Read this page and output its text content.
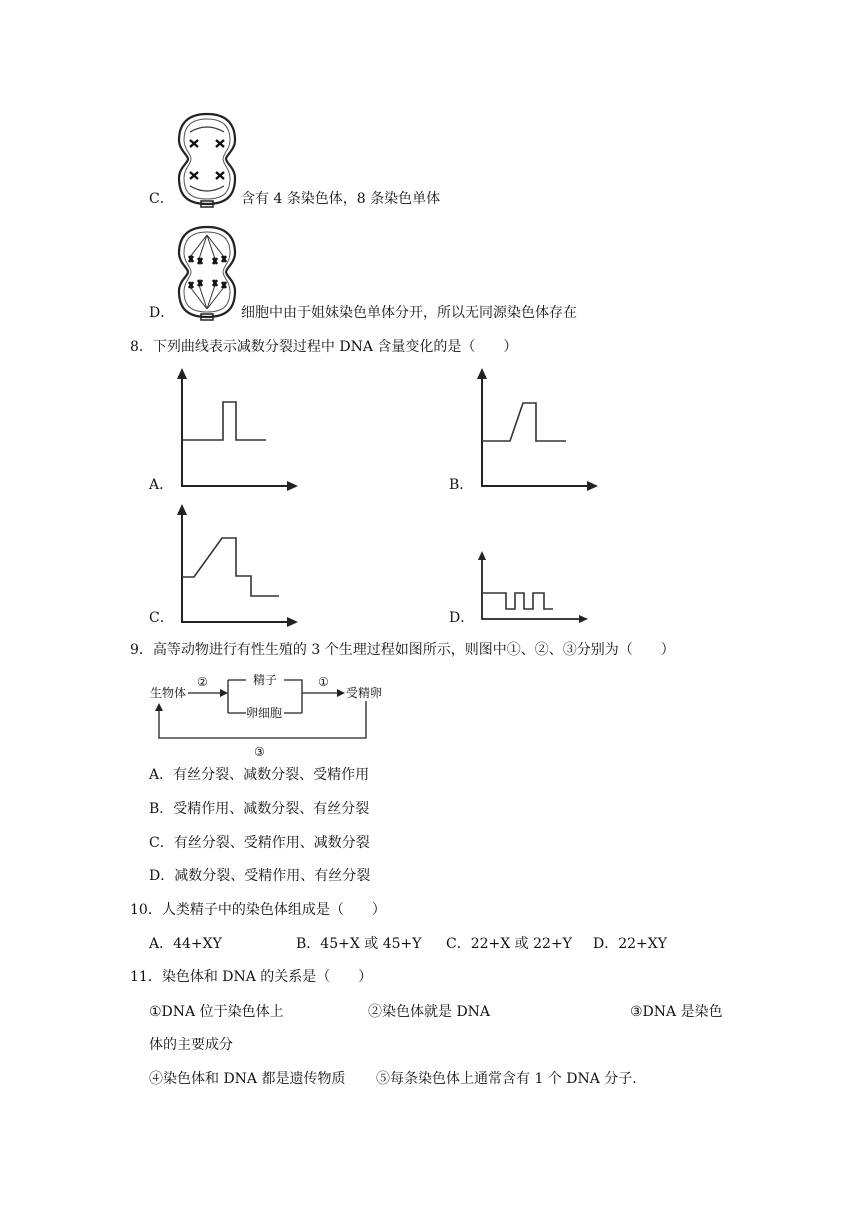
C．	含有 4 条染色体，8 条染色单体
D．	细胞中由于姐妹染色单体分开，所以无同源染色体存在
8．下列曲线表示减数分裂过程中 DNA 含量变化的是（　　）
A．	B．
C．	D．
9．高等动物进行有性生殖的 3 个生理过程如图所示，则图中①、②、③分别为（　　）
生物体
②	精子
卵细胞
①
受精卵
③
A．有丝分裂、减数分裂、受精作用
B．受精作用、减数分裂、有丝分裂
C．有丝分裂、受精作用、减数分裂
D．减数分裂、受精作用、有丝分裂
10．人类精子中的染色体组成是（　　）
A．44+XY	B．45+X 或 45+Y C．22+X 或 22+Y D．22+XY
11．染色体和 DNA 的关系是（　　）
①DNA 位于染色体上	②染色体就是 DNA	③DNA 是染色
体的主要成分
④染色体和 DNA 都是遗传物质 ⑤每条染色体上通常含有 1 个 DNA 分子.
